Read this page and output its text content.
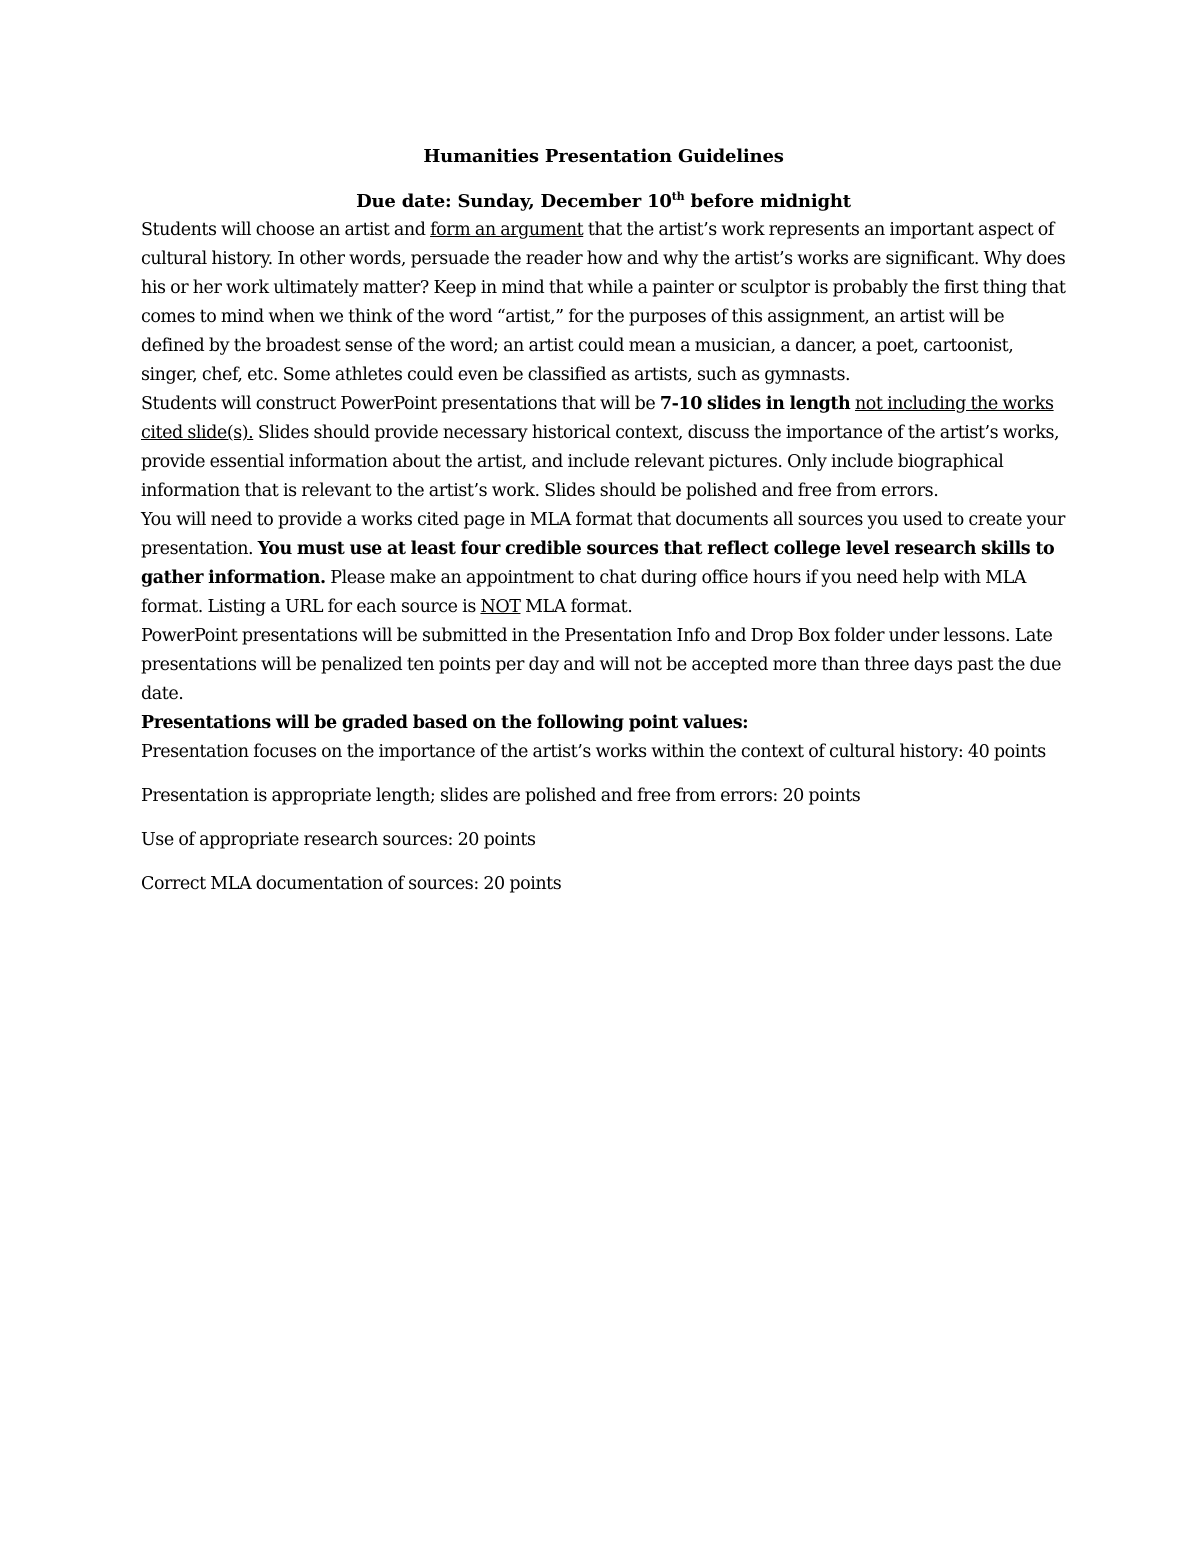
Humanities Presentation Guidelines
Due date: Sunday, December 10th before midnight

Students will choose an artist and form an argument that the artist’s work represents an important aspect of cultural history. In other words, persuade the reader how and why the artist’s works are significant. Why does his or her work ultimately matter? Keep in mind that while a painter or sculptor is probably the first thing that comes to mind when we think of the word “artist,” for the purposes of this assignment, an artist will be defined by the broadest sense of the word; an artist could mean a musician, a dancer, a poet, cartoonist, singer, chef, etc. Some athletes could even be classified as artists, such as gymnasts.

Students will construct PowerPoint presentations that will be 7-10 slides in length not including the works cited slide(s). Slides should provide necessary historical context, discuss the importance of the artist’s works, provide essential information about the artist, and include relevant pictures. Only include biographical information that is relevant to the artist’s work. Slides should be polished and free from errors.

You will need to provide a works cited page in MLA format that documents all sources you used to create your presentation. You must use at least four credible sources that reflect college level research skills to gather information. Please make an appointment to chat during office hours if you need help with MLA format. Listing a URL for each source is NOT MLA format.

PowerPoint presentations will be submitted in the Presentation Info and Drop Box folder under lessons. Late presentations will be penalized ten points per day and will not be accepted more than three days past the due date.

Presentations will be graded based on the following point values:

Presentation focuses on the importance of the artist’s works within the context of cultural history: 40 points

Presentation is appropriate length; slides are polished and free from errors: 20 points

Use of appropriate research sources: 20 points

Correct MLA documentation of sources: 20 points
